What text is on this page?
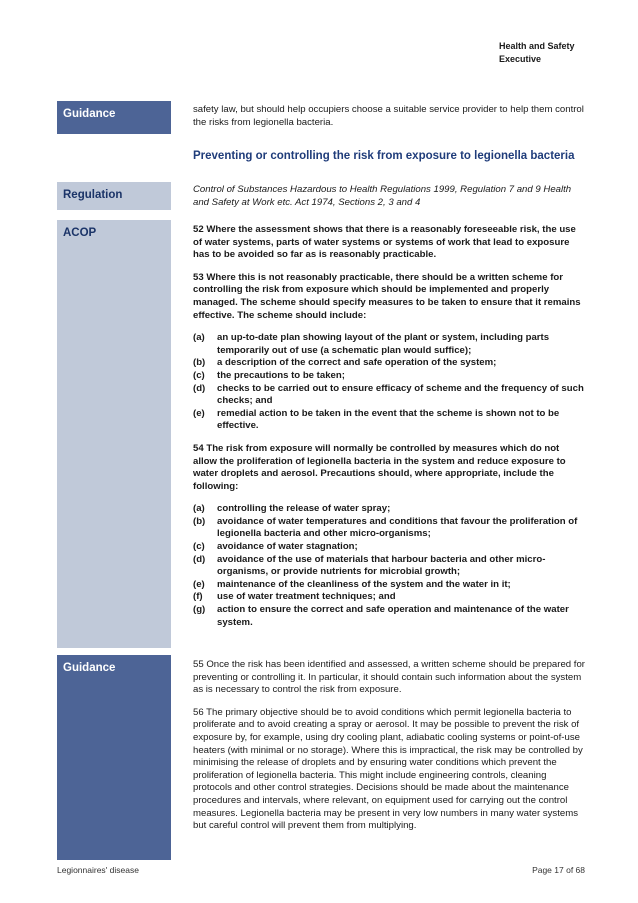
Health and Safety
Executive
Guidance
Regulation
ACOP
Guidance

safety law, but should help occupiers choose a suitable service provider to help them control the risks from legionella bacteria.

Preventing or controlling the risk from exposure to legionella bacteria

Control of Substances Hazardous to Health Regulations 1999, Regulation 7 and 9 Health and Safety at Work etc. Act 1974, Sections 2, 3 and 4

52 Where the assessment shows that there is a reasonably foreseeable risk, the use of water systems, parts of water systems or systems of work that lead to exposure has to be avoided so far as is reasonably practicable.

53 Where this is not reasonably practicable, there should be a written scheme for controlling the risk from exposure which should be implemented and properly managed. The scheme should specify measures to be taken to ensure that it remains effective. The scheme should include:

(a) an up-to-date plan showing layout of the plant or system, including parts temporarily out of use (a schematic plan would suffice);
(b) a description of the correct and safe operation of the system;
(c) the precautions to be taken;
(d) checks to be carried out to ensure efficacy of scheme and the frequency of such checks; and
(e) remedial action to be taken in the event that the scheme is shown not to be effective.

54 The risk from exposure will normally be controlled by measures which do not allow the proliferation of legionella bacteria in the system and reduce exposure to water droplets and aerosol. Precautions should, where appropriate, include the following:

(a) controlling the release of water spray;
(b) avoidance of water temperatures and conditions that favour the proliferation of legionella bacteria and other micro-organisms;
(c) avoidance of water stagnation;
(d) avoidance of the use of materials that harbour bacteria and other micro-organisms, or provide nutrients for microbial growth;
(e) maintenance of the cleanliness of the system and the water in it;
(f) use of water treatment techniques; and
(g) action to ensure the correct and safe operation and maintenance of the water system.

55 Once the risk has been identified and assessed, a written scheme should be prepared for preventing or controlling it. In particular, it should contain such information about the system as is necessary to control the risk from exposure.

56 The primary objective should be to avoid conditions which permit legionella bacteria to proliferate and to avoid creating a spray or aerosol. It may be possible to prevent the risk of exposure by, for example, using dry cooling plant, adiabatic cooling systems or point-of-use heaters (with minimal or no storage). Where this is impractical, the risk may be controlled by minimising the release of droplets and by ensuring water conditions which prevent the proliferation of legionella bacteria. This might include engineering controls, cleaning protocols and other control strategies. Decisions should be made about the maintenance procedures and intervals, where relevant, on equipment used for carrying out the control measures. Legionella bacteria may be present in very low numbers in many water systems but careful control will prevent them from multiplying.

Legionnaires' disease	Page 17 of 68
